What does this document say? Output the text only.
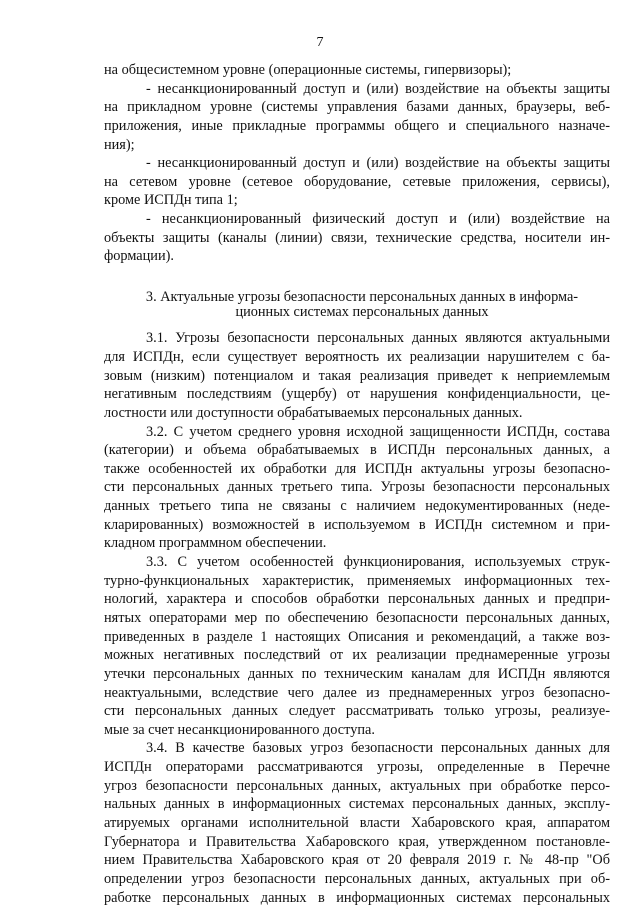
7
на общесистемном уровне (операционные системы, гипервизоры);
- несанкционированный доступ и (или) воздействие на объекты защиты
на прикладном уровне (системы управления базами данных, браузеры, веб-
приложения, иные прикладные программы общего и специального назначе-
ния);
- несанкционированный доступ и (или) воздействие на объекты защиты
на сетевом уровне (сетевое оборудование, сетевые приложения, сервисы),
кроме ИСПДн типа 1;
- несанкционированный физический доступ и (или) воздействие на
объекты защиты (каналы (линии) связи, технические средства, носители ин-
формации).
3. Актуальные угрозы безопасности персональных данных в информа-
ционных системах персональных данных
3.1. Угрозы безопасности персональных данных являются актуальными
для ИСПДн, если существует вероятность их реализации нарушителем с ба-
зовым (низким) потенциалом и такая реализация приведет к неприемлемым
негативным последствиям (ущербу) от нарушения конфиденциальности, це-
лостности или доступности обрабатываемых персональных данных.
3.2. С учетом среднего уровня исходной защищенности ИСПДн, состава
(категории) и объема обрабатываемых в ИСПДн персональных данных, а
также особенностей их обработки для ИСПДн актуальны угрозы безопасно-
сти персональных данных третьего типа. Угрозы безопасности персональных
данных третьего типа не связаны с наличием недокументированных (неде-
кларированных) возможностей в используемом в ИСПДн системном и при-
кладном программном обеспечении.
3.3. С учетом особенностей функционирования, используемых струк-
турно-функциональных характеристик, применяемых информационных тех-
нологий, характера и способов обработки персональных данных и предпри-
нятых операторами мер по обеспечению безопасности персональных данных,
приведенных в разделе 1 настоящих Описания и рекомендаций, а также воз-
можных негативных последствий от их реализации преднамеренные угрозы
утечки персональных данных по техническим каналам для ИСПДн являются
неактуальными, вследствие чего далее из преднамеренных угроз безопасно-
сти персональных данных следует рассматривать только угрозы, реализуе-
мые за счет несанкционированного доступа.
3.4. В качестве базовых угроз безопасности персональных данных для
ИСПДн операторами рассматриваются угрозы, определенные в Перечне
угроз безопасности персональных данных, актуальных при обработке персо-
нальных данных в информационных системах персональных данных, эксплу-
атируемых органами исполнительной власти Хабаровского края, аппаратом
Губернатора и Правительства Хабаровского края, утвержденном постановле-
нием Правительства Хабаровского края от 20 февраля 2019 г. № 48-пр "Об
определении угроз безопасности персональных данных, актуальных при об-
работке персональных данных в информационных системах персональных
